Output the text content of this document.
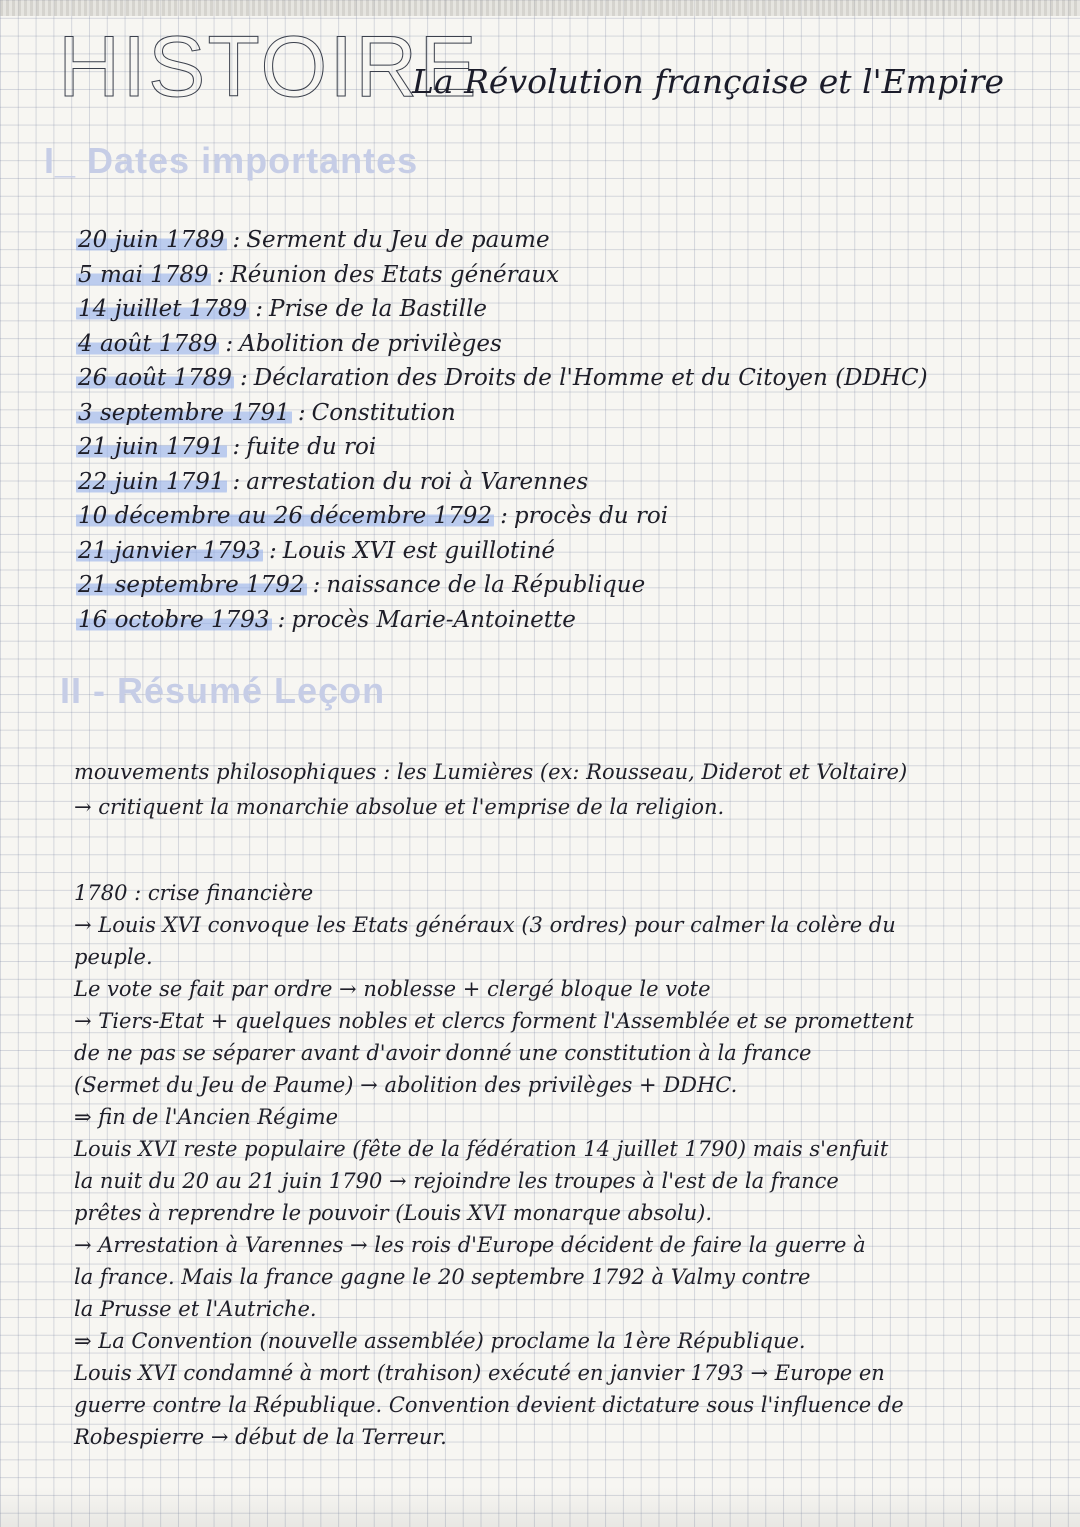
HISTOIRE
La Révolution française et l'Empire
I_ Dates importantes
20 juin 1789 : Serment du Jeu de paume
5 mai 1789 : Réunion des Etats généraux
14 juillet 1789 : Prise de la Bastille
4 août 1789 : Abolition de privilèges
26 août 1789 : Déclaration des Droits de l'Homme et du Citoyen (DDHC)
3 septembre 1791 : Constitution
21 juin 1791 : fuite du roi
22 juin 1791 : arrestation du roi à Varennes
10 décembre au 26 décembre 1792 : procès du roi
21 janvier 1793 : Louis XVI est guillotiné
21 septembre 1792 : naissance de la République
16 octobre 1793 : procès Marie-Antoinette
II - Résumé Leçon
mouvements philosophiques : les Lumières (ex: Rousseau, Diderot et Voltaire)
→ critiquent la monarchie absolue et l'emprise de la religion.
1780 : crise financière
→ Louis XVI convoque les Etats généraux (3 ordres) pour calmer la colère du
peuple.
Le vote se fait par ordre → noblesse + clergé bloque le vote
→ Tiers-Etat + quelques nobles et clercs forment l'Assemblée et se promettent
de ne pas se séparer avant d'avoir donné une constitution à la france
(Sermet du Jeu de Paume) → abolition des privilèges + DDHC.
⇒ fin de l'Ancien Régime
Louis XVI reste populaire (fête de la fédération 14 juillet 1790) mais s'enfuit
la nuit du 20 au 21 juin 1790 → rejoindre les troupes à l'est de la france
prêtes à reprendre le pouvoir (Louis XVI monarque absolu).
→ Arrestation à Varennes → les rois d'Europe décident de faire la guerre à
la france. Mais la france gagne le 20 septembre 1792 à Valmy contre
la Prusse et l'Autriche.
⇒ La Convention (nouvelle assemblée) proclame la 1ère République.
Louis XVI condamné à mort (trahison) exécuté en janvier 1793 → Europe en
guerre contre la République. Convention devient dictature sous l'influence de
Robespierre → début de la Terreur.
